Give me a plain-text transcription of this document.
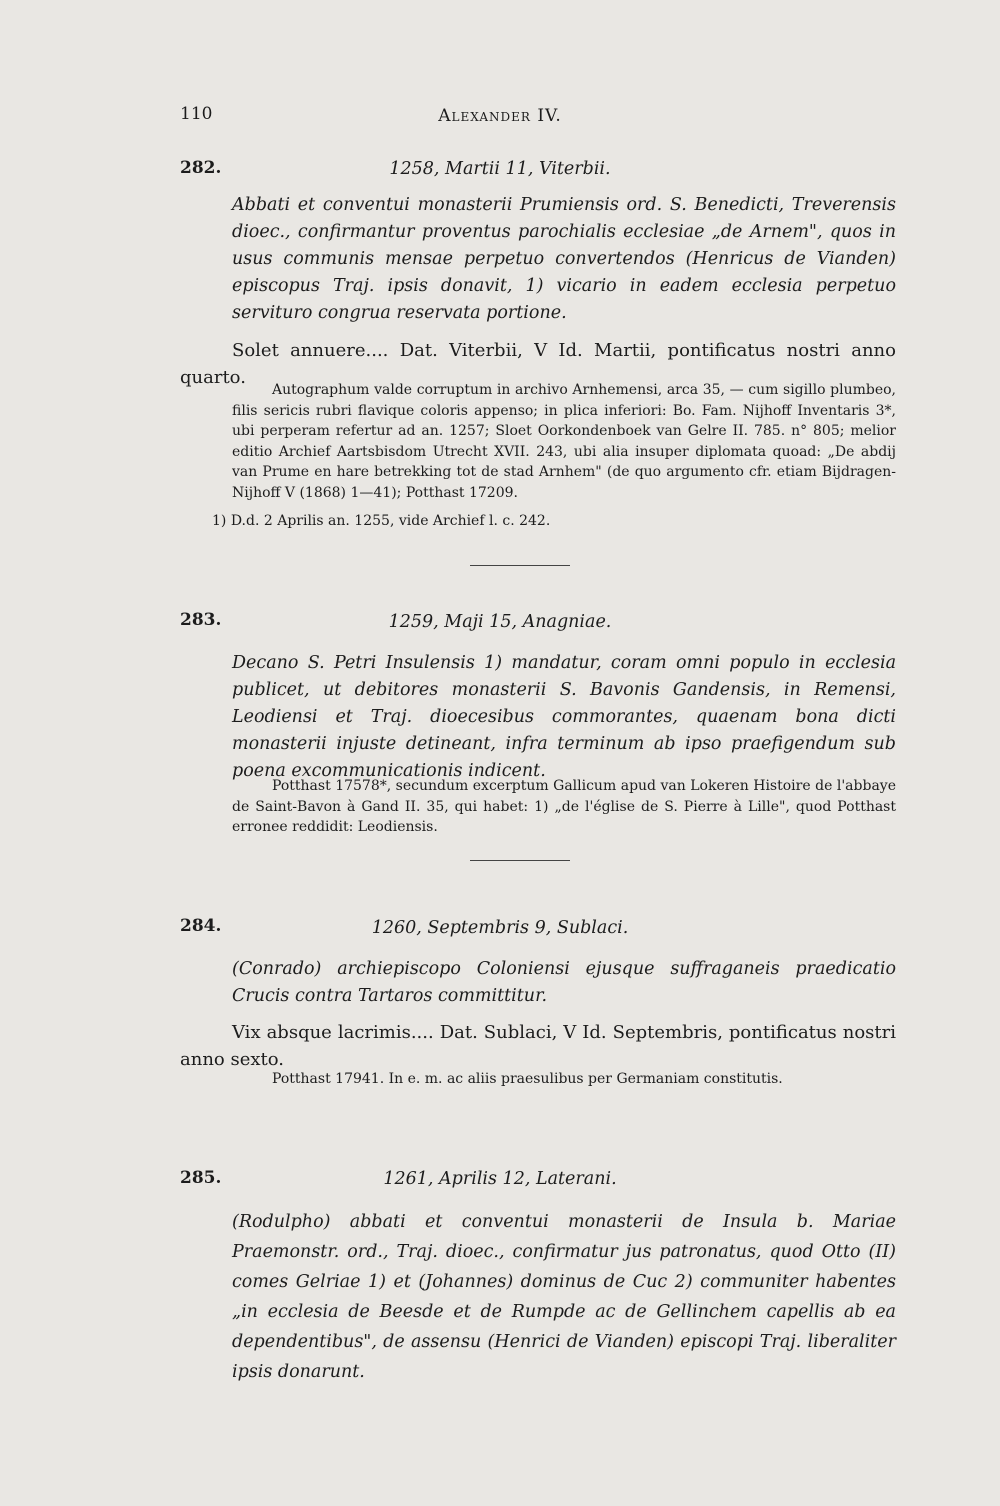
110	Alexander IV.
282.	1258, Martii 11, Viterbii.
Abbati et conventui monasterii Prumiensis ord. S. Benedicti, Treverensis dioec., confirmantur proventus parochialis ecclesiae „de Arnem", quos in usus communis mensae perpetuo convertendos (Henricus de Vianden) episcopus Traj. ipsis donavit, 1) vicario in eadem ecclesia perpetuo servituro congrua reservata portione.
Solet annuere.... Dat. Viterbii, V Id. Martii, pontificatus nostri anno quarto.
Autographum valde corruptum in archivo Arnhemensi, arca 35, — cum sigillo plumbeo, filis sericis rubri flavique coloris appenso; in plica inferiori: Bo. Fam. Nijhoff Inventaris 3*, ubi perperam refertur ad an. 1257; Sloet Oorkondenboek van Gelre II. 785. n° 805; melior editio Archief Aartsbisdom Utrecht XVII. 243, ubi alia insuper diplomata quoad: „De abdij van Prume en hare betrekking tot de stad Arnhem" (de quo argumento cfr. etiam Bijdragen-Nijhoff V (1868) 1—41); Potthast 17209.
1) D.d. 2 Aprilis an. 1255, vide Archief l. c. 242.
283.	1259, Maji 15, Anagniae.
Decano S. Petri Insulensis 1) mandatur, coram omni populo in ecclesia publicet, ut debitores monasterii S. Bavonis Gandensis, in Remensi, Leodiensi et Traj. dioecesibus commorantes, quaenam bona dicti monasterii injuste detineant, infra terminum ab ipso praefigendum sub poena excommunicationis indicent.
Potthast 17578*, secundum excerptum Gallicum apud van Lokeren Histoire de l'abbaye de Saint-Bavon à Gand II. 35, qui habet: 1) „de l'église de S. Pierre à Lille", quod Potthast erronee reddidit: Leodiensis.
284.	1260, Septembris 9, Sublaci.
(Conrado) archiepiscopo Coloniensi ejusque suffraganeis praedicatio Crucis contra Tartaros committitur.
Vix absque lacrimis.... Dat. Sublaci, V Id. Septembris, pontificatus nostri anno sexto.
Potthast 17941. In e. m. ac aliis praesulibus per Germaniam constitutis.
285.	1261, Aprilis 12, Laterani.
(Rodulpho) abbati et conventui monasterii de Insula b. Mariae Praemonstr. ord., Traj. dioec., confirmatur jus patronatus, quod Otto (II) comes Gelriae 1) et (Johannes) dominus de Cuc 2) communiter habentes „in ecclesia de Beesde et de Rumpde ac de Gellinchem capellis ab ea dependentibus", de assensu (Henrici de Vianden) episcopi Traj. liberaliter ipsis donarunt.
